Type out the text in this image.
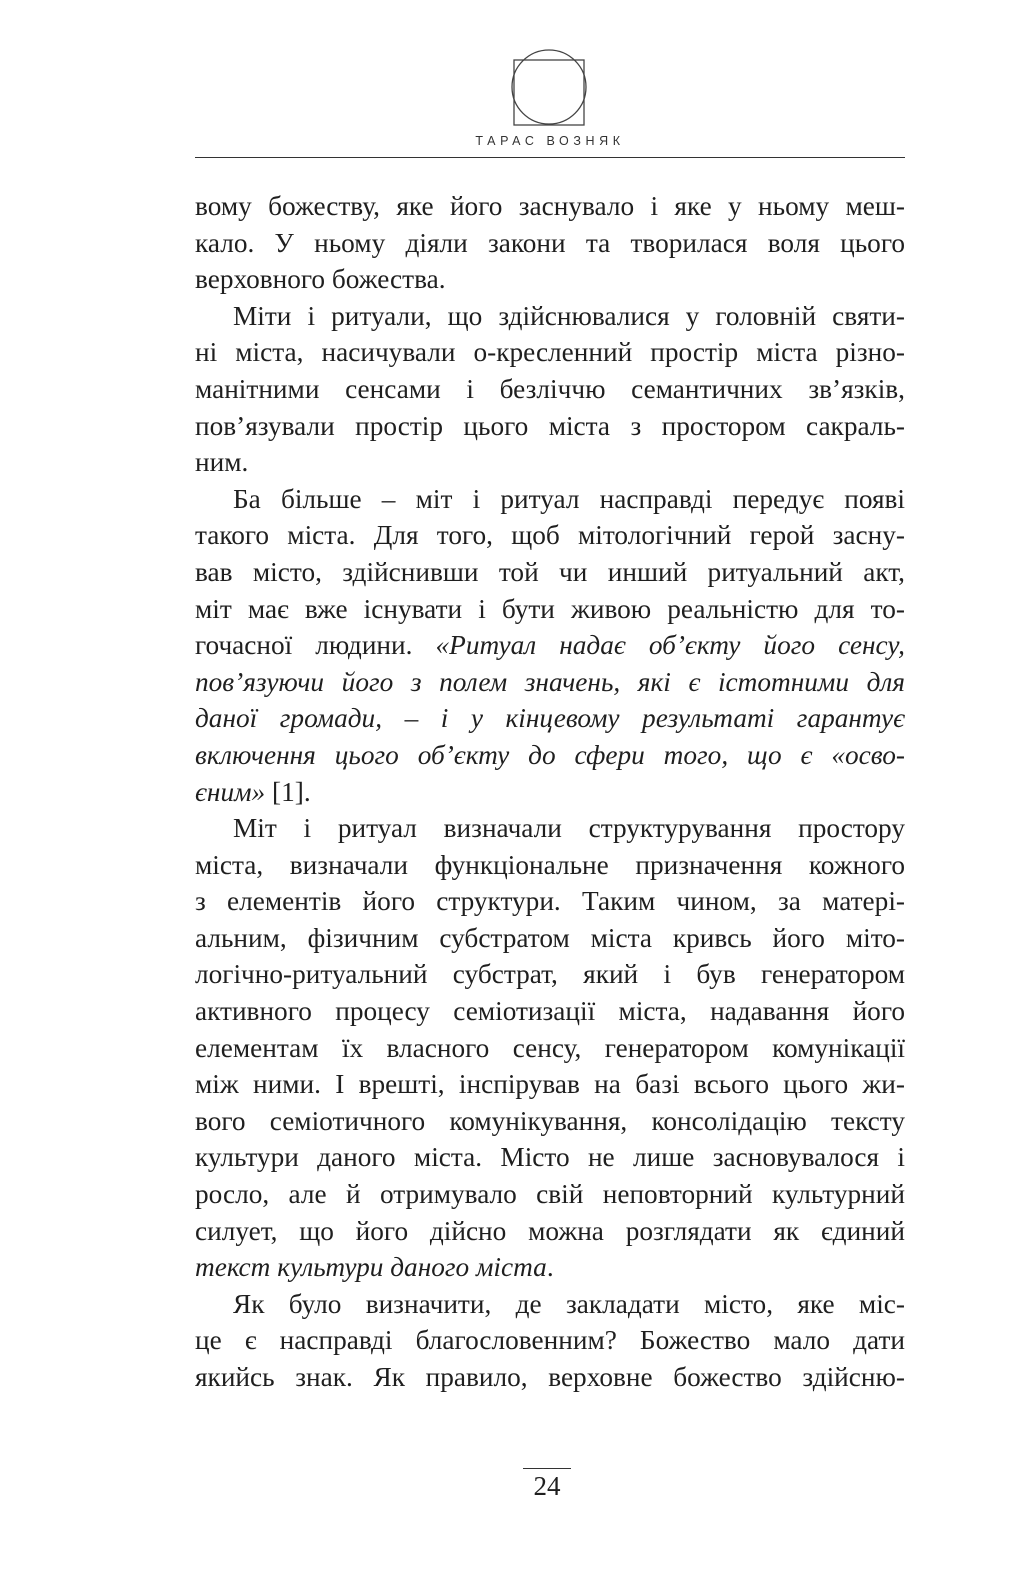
ТАРАС ВОЗНЯК
вому божеству, яке його заснувало і яке у ньому меш-
кало. У ньому діяли закони та творилася воля цього
верховного божества.
Міти і ритуали, що здійснювалися у головній святи-
ні міста, насичували о-кресленний простір міста різно-
манітними сенсами і безліччю семантичних зв’язків,
пов’язували простір цього міста з простором сакраль-
ним.
Ба більше – міт і ритуал насправді передує появі
такого міста. Для того, щоб мітологічний герой засну-
вав місто, здійснивши той чи инший ритуальний акт,
міт має вже існувати і бути живою реальністю для то-
гочасної людини. «Ритуал надає об’єкту його сенсу,
пов’язуючи його з полем значень, які є істотними для
даної громади, – і у кінцевому результаті гарантує
включення цього об’єкту до сфери того, що є «осво-
єним» [1].
Міт і ритуал визначали структурування простору
міста, визначали функціональне призначення кожного
з елементів його структури. Таким чином, за матері-
альним, фізичним субстратом міста кривсь його міто-
логічно-ритуальний субстрат, який і був генератором
активного процесу семіотизації міста, надавання його
елементам їх власного сенсу, генератором комунікації
між ними. І врешті, інспірував на базі всього цього жи-
вого семіотичного комунікування, консолідацію тексту
культури даного міста. Місто не лише засновувалося і
росло, але й отримувало свій неповторний культурний
силует, що його дійсно можна розглядати як єдиний
текст культури даного міста.
Як було визначити, де закладати місто, яке міс-
це є насправді благословенним? Божество мало дати
якийсь знак. Як правило, верховне божество здійсню-
24
